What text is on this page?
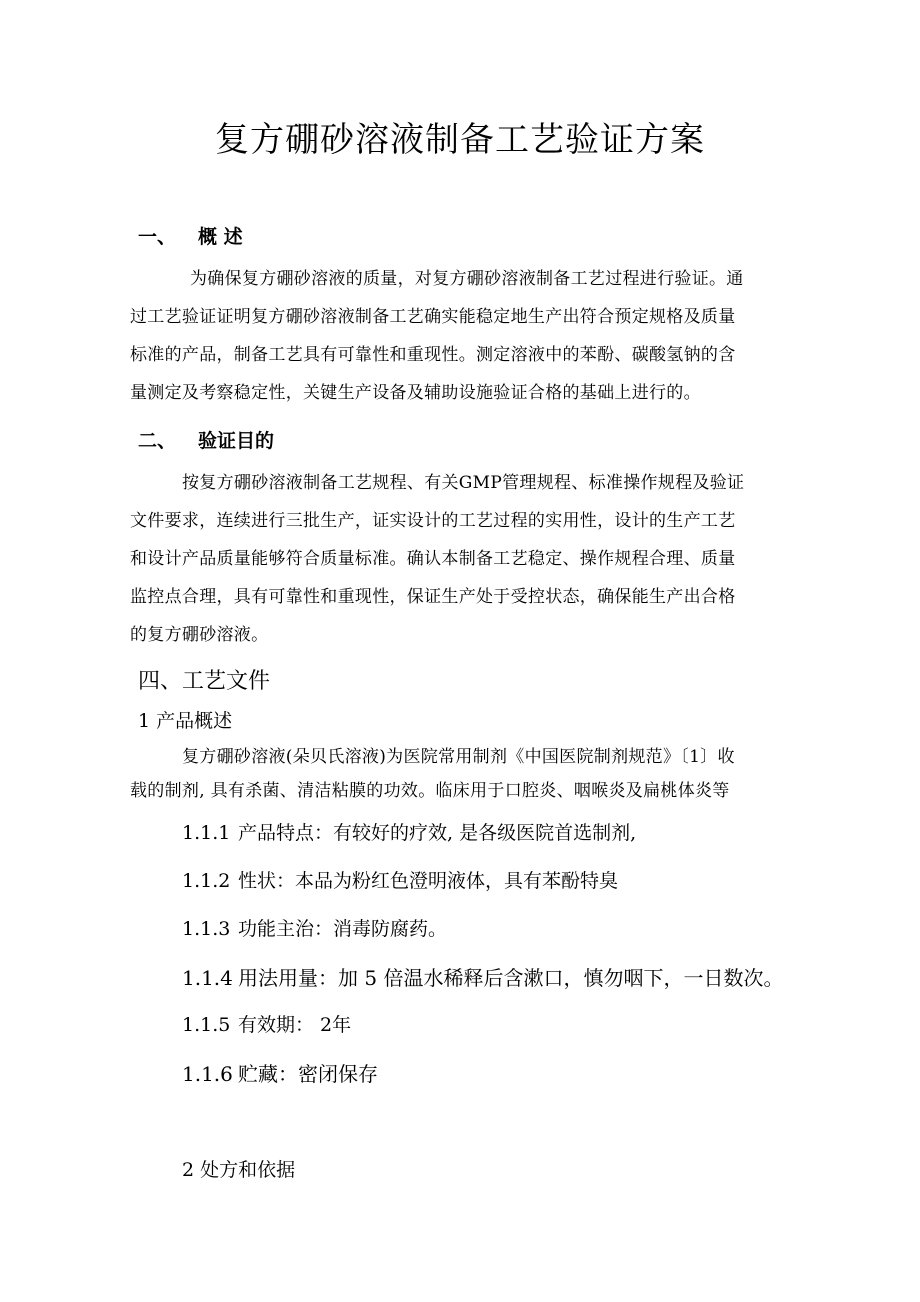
复方硼砂溶液制备工艺验证方案
一、 概 述
为确保复方硼砂溶液的质量，对复方硼砂溶液制备工艺过程进行验证。通
过工艺验证证明复方硼砂溶液制备工艺确实能稳定地生产出符合预定规格及质量
标准的产品，制备工艺具有可靠性和重现性。测定溶液中的苯酚、碳酸氢钠的含
量测定及考察稳定性，关键生产设备及辅助设施验证合格的基础上进行的。
二、 验证目的
按复方硼砂溶液制备工艺规程、有关GMP管理规程、标准操作规程及验证
文件要求，连续进行三批生产，证实设计的工艺过程的实用性，设计的生产工艺
和设计产品质量能够符合质量标准。确认本制备工艺稳定、操作规程合理、质量
监控点合理，具有可靠性和重现性，保证生产处于受控状态，确保能生产出合格
的复方硼砂溶液。
四、工艺文件
1 产品概述
复方硼砂溶液(朵贝氏溶液)为医院常用制剂《中国医院制剂规范》〔1〕收
载的制剂, 具有杀菌、清洁粘膜的功效。临床用于口腔炎、咽喉炎及扁桃体炎等
1.1.1 产品特点：有较好的疗效, 是各级医院首选制剂,
1.1.2 性状：本品为粉红色澄明液体，具有苯酚特臭
1.1.3 功能主治：消毒防腐药。
1.1.4 用法用量：加 5 倍温水稀释后含漱口，慎勿咽下，一日数次。
1.1.5 有效期： 2年
1.1.6 贮藏：密闭保存
2 处方和依据
